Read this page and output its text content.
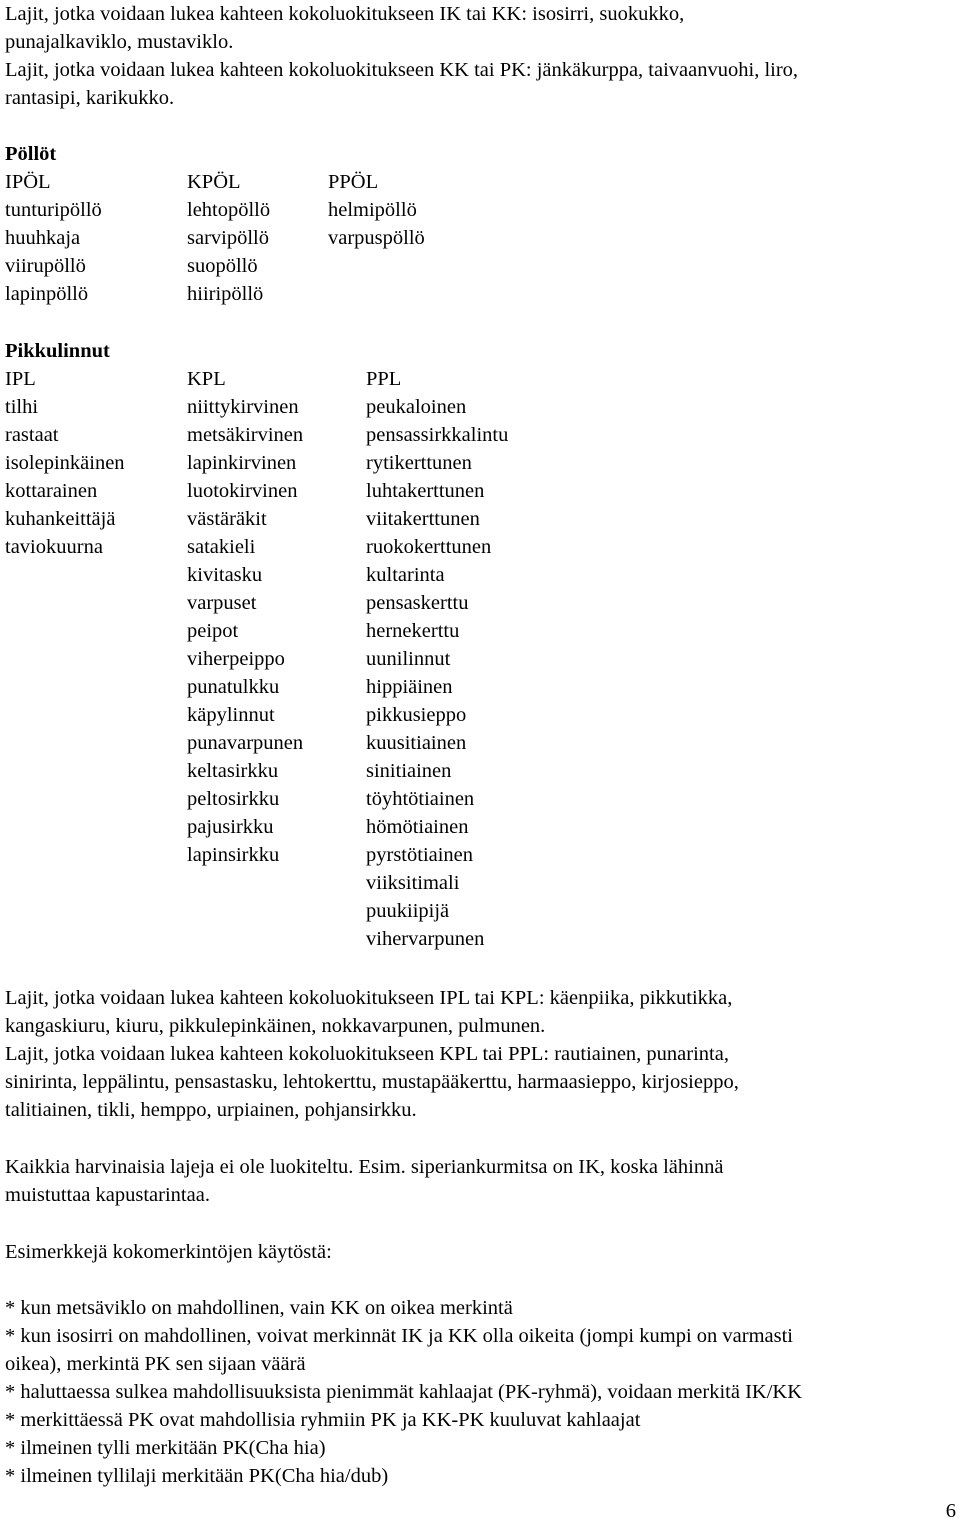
Lajit, jotka voidaan lukea kahteen kokoluokitukseen IK tai KK: isosirri, suokukko,
punajalkaviklo, mustaviklo.
Lajit, jotka voidaan lukea kahteen kokoluokitukseen KK tai PK: jänkäkurppa, taivaanvuohi, liro,
rantasipi, karikukko.
Pöllöt
IPÖL
tunturipöllö
huuhkaja
viirupöllö
lapinpöllö
KPÖL
lehtopöllö
sarvipöllö
suopöllö
hiiripöllö
PPÖL
helmipöllö
varpuspöllö
Pikkulinnut
IPL
tilhi
rastaat
isolepinkäinen
kottarainen
kuhankeittäjä
taviokuurna
KPL
niittykirvinen
metsäkirvinen
lapinkirvinen
luotokirvinen
västäräkit
satakieli
kivitasku
varpuset
peipot
viherpeippo
punatulkku
käpylinnut
punavarpunen
keltasirkku
peltosirkku
pajusirkku
lapinsirkku
PPL
peukaloinen
pensassirkkalintu
rytikerttunen
luhtakerttunen
viitakerttunen
ruokokerttunen
kultarinta
pensaskerttu
hernekerttu
uunilinnut
hippiäinen
pikkusieppo
kuusitiainen
sinitiainen
töyhtötiainen
hömötiainen
pyrstötiainen
viiksitimali
puukiipijä
vihervarpunen
Lajit, jotka voidaan lukea kahteen kokoluokitukseen IPL tai KPL: käenpiika, pikkutikka,
kangaskiuru, kiuru, pikkulepinkäinen, nokkavarpunen, pulmunen.
Lajit, jotka voidaan lukea kahteen kokoluokitukseen KPL tai PPL: rautiainen, punarinta,
sinirinta, leppälintu, pensastasku, lehtokerttu, mustapääkerttu, harmaasieppo, kirjosieppo,
talitiainen, tikli, hemppo, urpiainen, pohjansirkku.
Kaikkia harvinaisia lajeja ei ole luokiteltu. Esim. siperiankurmitsa on IK, koska lähinnä
muistuttaa kapustarintaa.
Esimerkkejä kokomerkintöjen käytöstä:
* kun metsäviklo on mahdollinen, vain KK on oikea merkintä
* kun isosirri on mahdollinen, voivat merkinnät IK ja KK olla oikeita (jompi kumpi on varmasti
oikea), merkintä PK sen sijaan väärä
* haluttaessa sulkea mahdollisuuksista pienimmät kahlaajat (PK-ryhmä), voidaan merkitä IK/KK
* merkittäessä PK ovat mahdollisia ryhmiin PK ja KK-PK kuuluvat kahlaajat
* ilmeinen tylli merkitään PK(Cha hia)
* ilmeinen tyllilaji merkitään PK(Cha hia/dub)
6
